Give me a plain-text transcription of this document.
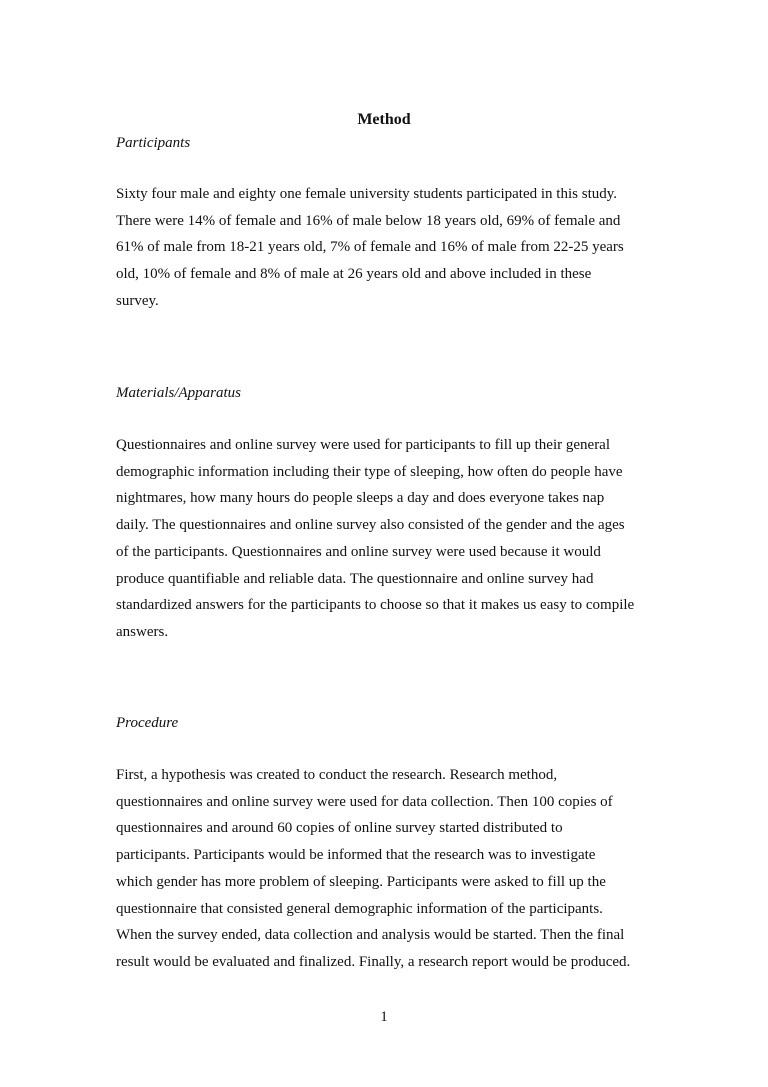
Method
Participants

Sixty four male and eighty one female university students participated in this study.
There were 14% of female and 16% of male below 18 years old, 69% of female and
61% of male from 18-21 years old, 7% of female and 16% of male from 22-25 years
old, 10% of female and 8% of male at 26 years old and above included in these
survey.

Materials/Apparatus

Questionnaires and online survey were used for participants to fill up their general
demographic information including their type of sleeping, how often do people have
nightmares, how many hours do people sleeps a day and does everyone takes nap
daily. The questionnaires and online survey also consisted of the gender and the ages
of the participants. Questionnaires and online survey were used because it would
produce quantifiable and reliable data. The questionnaire and online survey had
standardized answers for the participants to choose so that it makes us easy to compile
answers.

Procedure

First, a hypothesis was created to conduct the research. Research method,
questionnaires and online survey were used for data collection. Then 100 copies of
questionnaires and around 60 copies of online survey started distributed to
participants. Participants would be informed that the research was to investigate
which gender has more problem of sleeping. Participants were asked to fill up the
questionnaire that consisted general demographic information of the participants.
When the survey ended, data collection and analysis would be started. Then the final
result would be evaluated and finalized. Finally, a research report would be produced.

1
